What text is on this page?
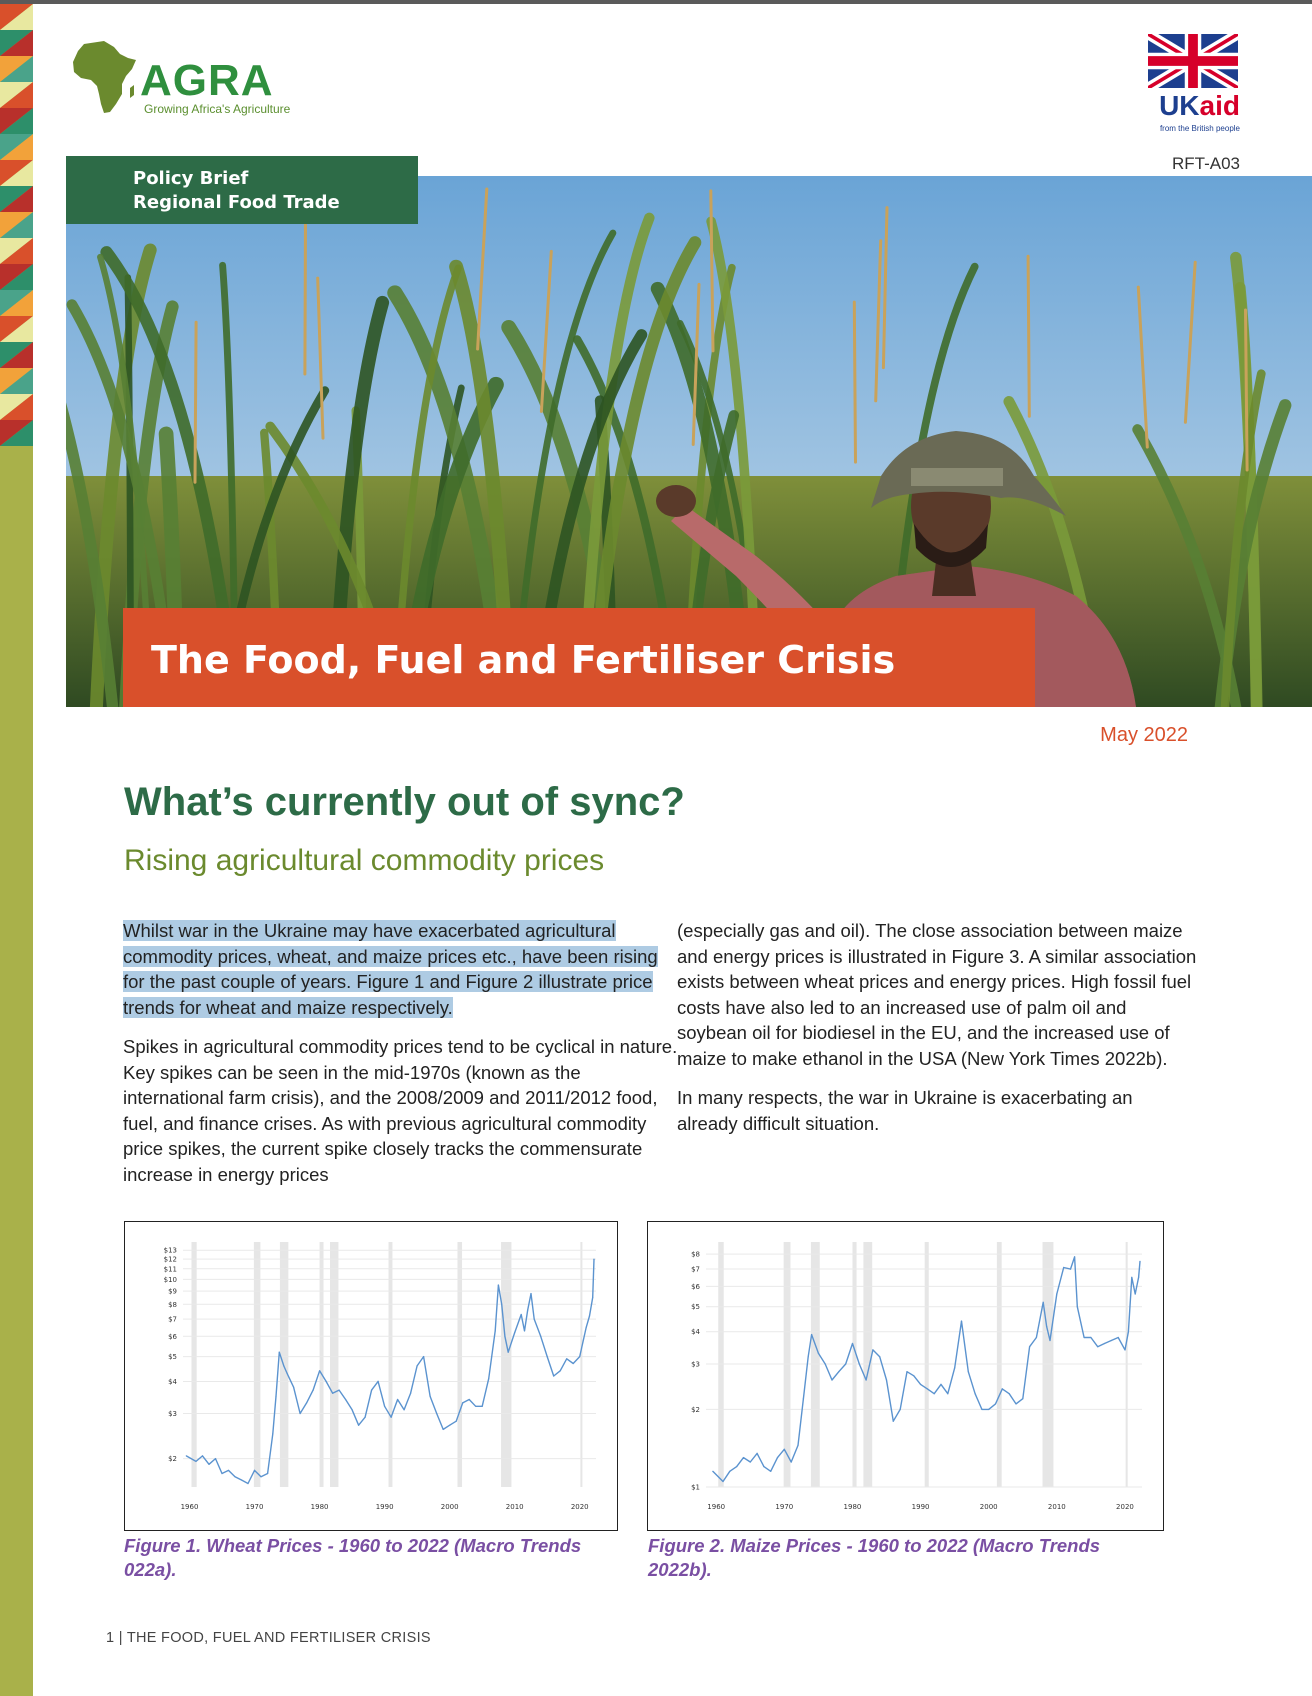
AGRA
Growing Africa's Agriculture	UKaid
from the British people
RFT-A03
Policy Brief
Regional Food Trade
The Food, Fuel and Fertiliser Crisis
May 2022
What’s currently out of sync?
Rising agricultural commodity prices

Whilst war in the Ukraine may have exacerbated agricultural commodity prices, wheat, and maize prices etc., have been rising for the past couple of years. Figure 1 and Figure 2 illustrate price trends for wheat and maize respectively.

Spikes in agricultural commodity prices tend to be cyclical in nature. Key spikes can be seen in the mid-1970s (known as the international farm crisis), and the 2008/2009 and 2011/2012 food, fuel, and finance crises. As with previous agricultural commodity price spikes, the current spike closely tracks the commensurate increase in energy prices

(especially gas and oil). The close association between maize and energy prices is illustrated in Figure 3. A similar association exists between wheat prices and energy prices. High fossil fuel costs have also led to an increased use of palm oil and soybean oil for biodiesel in the EU, and the increased use of maize to make ethanol in the USA (New York Times 2022b).

In many respects, the war in Ukraine is exacerbating an already difficult situation.

$2
$3
$4
$5
$6
$7
$8
$9
$10
$11
$12
$13
1960	1970	1980	1990	2000	2010	2020
$1
$2
$3
$4
$5
$6
$7
$8
1960	1970	1980	1990	2000	2010	2020
Figure 1. Wheat Prices - 1960 to 2022 (Macro Trends 022a).
Figure 2. Maize Prices - 1960 to 2022 (Macro Trends 2022b).
1 | THE FOOD, FUEL AND FERTILISER CRISIS
